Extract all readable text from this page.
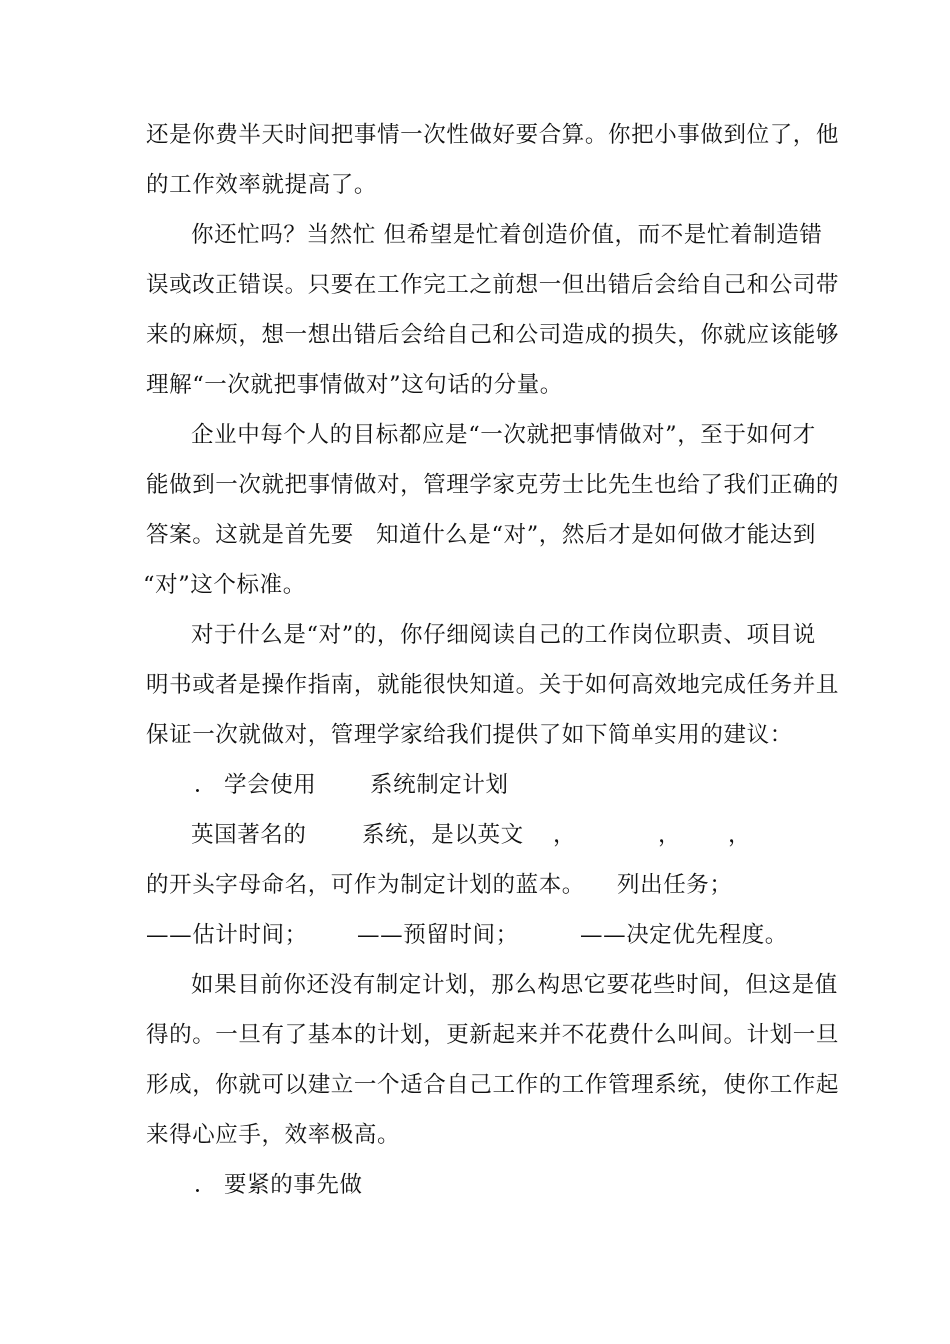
还是你费半天时间把事情一次性做好要合算。你把小事做到位了，他
的工作效率就提高了。
你还忙吗？当然忙 但希望是忙着创造价值，而不是忙着制造错
误或改正错误。只要在工作完工之前想一但出错后会给自己和公司带
来的麻烦，想一想出错后会给自己和公司造成的损失，你就应该能够
理解“一次就把事情做对”这句话的分量。
企业中每个人的目标都应是“一次就把事情做对”，至于如何才
能做到一次就把事情做对，管理学家克劳士比先生也给了我们正确的
答案。这就是首先要 知道什么是“对”，然后才是如何做才能达到
“对”这个标准。
对于什么是“对”的，你仔细阅读自己的工作岗位职责、项目说
明书或者是操作指南，就能很快知道。关于如何高效地完成任务并且
保证一次就做对，管理学家给我们提供了如下简单实用的建议：
． 学会使用 系统制定计划
英国著名的 系统，是以英文 ，	， ，
的开头字母命名，可作为制定计划的蓝本。 列出任务；
——估计时间； ——预留时间；	——决定优先程度。
如果目前你还没有制定计划，那么构思它要花些时间，但这是值
得的。一旦有了基本的计划，更新起来并不花费什么叫间。计划一旦
形成，你就可以建立一个适合自己工作的工作管理系统，使你工作起
来得心应手，效率极高。
． 要紧的事先做
